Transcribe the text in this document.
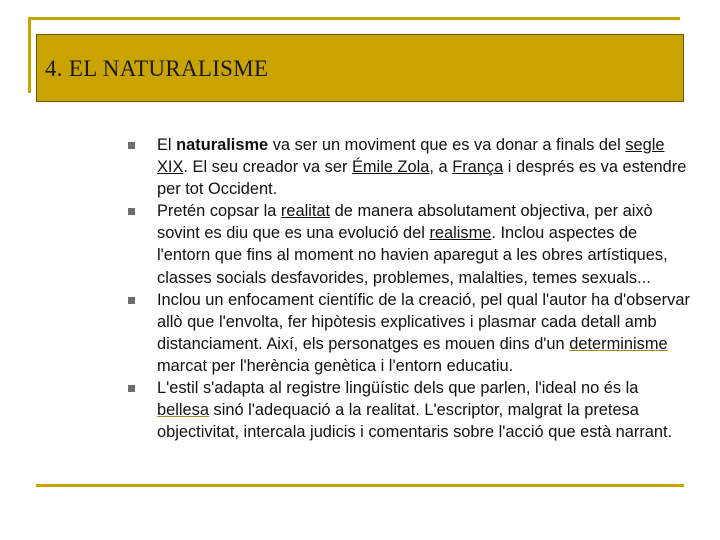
4. EL NATURALISME
El naturalisme va ser un moviment que es va donar a finals del segle XIX. El seu creador va ser Émile Zola, a França i després es va estendre per tot Occident.
Pretén copsar la realitat de manera absolutament objectiva, per això sovint es diu que es una evolució del realisme. Inclou aspectes de l'entorn que fins al moment no havien aparegut a les obres artístiques, classes socials desfavorides, problemes, malalties, temes sexuals...
Inclou un enfocament científic de la creació, pel qual l'autor ha d'observar allò que l'envolta, fer hipòtesis explicatives i plasmar cada detall amb distanciament. Així, els personatges es mouen dins d'un determinisme marcat per l'herència genètica i l'entorn educatiu.
L'estil s'adapta al registre lingüístic dels que parlen, l'ideal no és la bellesa sinó l'adequació a la realitat. L'escriptor, malgrat la pretesa objectivitat, intercala judicis i comentaris sobre l'acció que està narrant.
